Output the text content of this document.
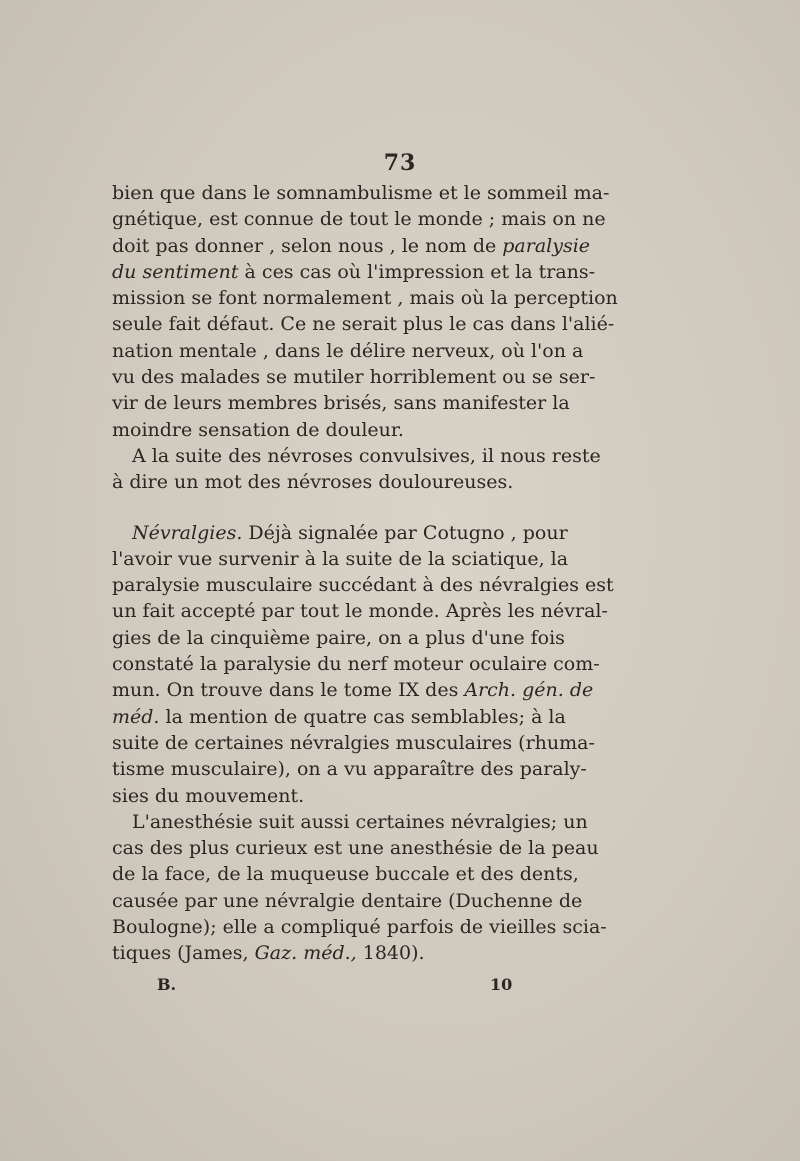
73
bien que dans le somnambulisme et le sommeil ma-
gnétique, est connue de tout le monde ; mais on ne
doit pas donner , selon nous , le nom de paralysie
du sentiment à ces cas où l'impression et la trans-
mission se font normalement , mais où la perception
seule fait défaut. Ce ne serait plus le cas dans l'alié-
nation mentale , dans le délire nerveux, où l'on a
vu des malades se mutiler horriblement ou se ser-
vir de leurs membres brisés, sans manifester la
moindre sensation de douleur.
A la suite des névroses convulsives, il nous reste
à dire un mot des névroses douloureuses.
Névralgies. Déjà signalée par Cotugno , pour
l'avoir vue survenir à la suite de la sciatique, la
paralysie musculaire succédant à des névralgies est
un fait accepté par tout le monde. Après les névral-
gies de la cinquième paire, on a plus d'une fois
constaté la paralysie du nerf moteur oculaire com-
mun. On trouve dans le tome IX des Arch. gén. de
méd. la mention de quatre cas semblables; à la
suite de certaines névralgies musculaires (rhuma-
tisme musculaire), on a vu apparaître des paraly-
sies du mouvement.
L'anesthésie suit aussi certaines névralgies; un
cas des plus curieux est une anesthésie de la peau
de la face, de la muqueuse buccale et des dents,
causée par une névralgie dentaire (Duchenne de
Boulogne); elle a compliqué parfois de vieilles scia-
tiques (James, Gaz. méd., 1840).
B.	10
